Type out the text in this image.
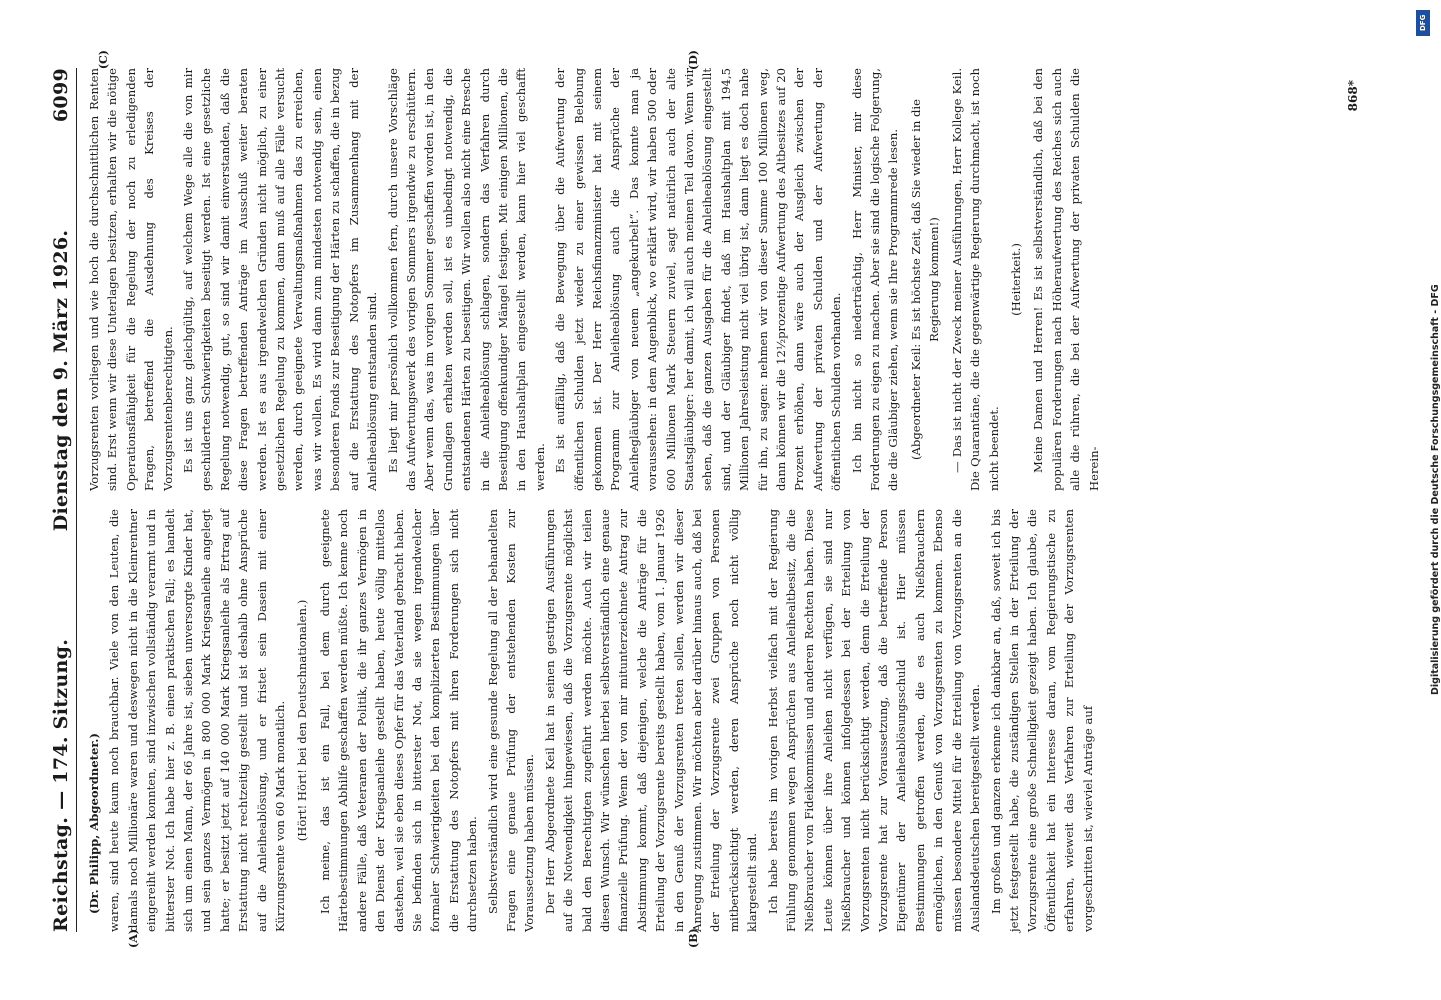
Reichstag. — 174. Sitzung.
Dienstag den 9. März 1926.
6099
(A)	(B)

(Dr. Philipp, Abgeordneter.) waren, sind heute kaum noch brauchbar. Viele von den Leuten, die damals noch Millionäre waren und deswegen nicht in die Kleinrentner eingereiht werden konnten, sind inzwischen vollständig verarmt und in bitterster Not. Ich habe hier z. B. einen praktischen Fall; es handelt sich um einen Mann, der 66 Jahre ist, sieben unversorgte Kinder hat, und sein ganzes Vermögen in 800 000 Mark Kriegsanleihe angelegt hatte; er besitzt jetzt auf 140 000 Mark Kriegsanleihe als Ertrag auf Erstattung nicht rechtzeitig gestellt und ist deshalb ohne Ansprüche auf die Anleiheablösung, und er fristet sein Dasein mit einer Kürzungsrente von 60 Mark monatlich. (Hört! Hört! bei den Deutschnationalen.) Ich meine, das ist ein Fall, bei dem durch geeignete Härtebestimmungen Abhilfe geschaffen werden müßte. Ich kenne noch andere Fälle, daß Veteranen der Politik, die ihr ganzes Vermögen in den Dienst der Kriegsanleihe gestellt haben, heute völlig mittellos dastehen, weil sie eben dieses Opfer für das Vaterland gebracht haben. Sie befinden sich in bitterster Not, da sie wegen irgendwelcher formaler Schwierigkeiten bei den komplizierten Bestimmungen über die Erstattung des Notopfers mit ihren Forderungen sich nicht durchsetzen haben. Selbstverständlich wird eine gesunde Regelung all der behandelten Fragen eine genaue Prüfung der entstehenden Kosten zur Voraussetzung haben müssen. Der Herr Abgeordnete Keil hat in seinen gestrigen Ausführungen auf die Notwendigkeit hingewiesen, daß die Vorzugsrente möglichst bald den Berechtigten zugeführt werden möchte. Auch wir teilen diesen Wunsch. Wir wünschen hierbei selbstverständlich eine genaue finanzielle Prüfung. Wenn der von mir mitunterzeichnete Antrag zur Abstimmung kommt, daß diejenigen, welche die Anträge für die Erteilung der Vorzugsrente bereits gestellt haben, vom 1. Januar 1926 in den Genuß der Vorzugsrenten treten sollen, werden wir dieser Anregung zustimmen. Wir möchten aber darüber hinaus auch, daß bei der Erteilung der Vorzugsrente zwei Gruppen von Personen mitberücksichtigt werden, deren Ansprüche noch nicht völlig klargestellt sind. Ich habe bereits im vorigen Herbst vielfach mit der Regierung Fühlung genommen wegen Ansprüchen aus Anleihealtbesitz, die die Nießbraucher von Fideikommissen und anderen Rechten haben. Diese Leute können über ihre Anleihen nicht verfügen, sie sind nur Nießbraucher und können infolgedessen bei der Erteilung von Vorzugsrenten nicht berücksichtigt werden, denn die Erteilung der Vorzugsrente hat zur Voraussetzung, daß die betreffende Person Eigentümer der Anleiheablösungsschuld ist. Hier müssen Bestimmungen getroffen werden, die es auch Nießbrauchern ermöglichen, in den Genuß von Vorzugsrenten zu kommen. Ebenso müssen besondere Mittel für die Erteilung von Vorzugsrenten an die Auslandsdeutschen bereitgestellt werden. Im großen und ganzen erkenne ich dankbar an, daß, soweit ich bis jetzt festgestellt habe, die zuständigen Stellen in der Erteilung der Vorzugsrente eine große Schnelligkeit gezeigt haben. Ich glaube, die Öffentlichkeit hat ein Interesse daran, vom Regierungstische zu erfahren, wieweit das Verfahren zur Erteilung der Vorzugsrenten vorgeschritten ist, wieviel Anträge auf

(C)	(D)

Vorzugsrenten vorliegen und wie hoch die durchschnittlichen Renten sind. Erst wenn wir diese Unterlagen besitzen, erhalten wir die nötige Operationsfähigkeit für die Regelung der noch zu erledigenden Fragen, betreffend die Ausdehnung des Kreises der Vorzugsrentenberechtigten. Es ist uns ganz gleichgültig, auf welchem Wege alle die von mir geschilderten Schwierigkeiten beseitigt werden. Ist eine gesetzliche Regelung notwendig, gut, so sind wir damit einverstanden, daß die diese Fragen betreffenden Anträge im Ausschuß weiter beraten werden. Ist es aus irgendwelchen Gründen nicht möglich, zu einer gesetzlichen Regelung zu kommen, dann muß auf alle Fälle versucht werden, durch geeignete Verwaltungsmaßnahmen das zu erreichen, was wir wollen. Es wird dann zum mindesten notwendig sein, einen besonderen Fonds zur Beseitigung der Härten zu schaffen, die in bezug auf die Erstattung des Notopfers im Zusammenhang mit der Anleiheablösung entstanden sind. Es liegt mir persönlich vollkommen fern, durch unsere Vorschläge das Aufwertungswerk des vorigen Sommers irgendwie zu erschüttern. Aber wenn das, was im vorigen Sommer geschaffen worden ist, in den Grundlagen erhalten werden soll, ist es unbedingt notwendig, die entstandenen Härten zu beseitigen. Wir wollen also nicht eine Bresche in die Anleiheablösung schlagen, sondern das Verfahren durch Beseitigung offenkundiger Mängel festigen. Mit einigen Millionen, die in den Haushaltplan eingestellt werden, kann hier viel geschafft werden. Es ist auffällig, daß die Bewegung über die Aufwertung der öffentlichen Schulden jetzt wieder zu einer gewissen Belebung gekommen ist. Der Herr Reichsfinanzminister hat mit seinem Programm zur Anleiheablösung auch die Ansprüche der Anleihegläubiger von neuem „angekurbelt“. Das konnte man ja voraussehen: in dem Augenblick, wo erklärt wird, wir haben 500 oder 600 Millionen Mark Steuern zuviel, sagt natürlich auch der alte Staatsgläubiger: her damit, ich will auch meinen Teil davon. Wenn wir sehen, daß die ganzen Ausgaben für die Anleiheablösung eingestellt sind, und der Gläubiger findet, daß im Haushaltplan mit 194,5 Millionen Jahresleistung nicht viel übrig ist, dann liegt es doch nahe für ihn, zu sagen: nehmen wir von dieser Summe 100 Millionen weg, dann können wir die 12½prozentige Aufwertung des Altbesitzes auf 20 Prozent erhöhen, dann wäre auch der Ausgleich zwischen der Aufwertung der privaten Schulden und der Aufwertung der öffentlichen Schulden vorhanden. Ich bin nicht so niederträchtig, Herr Minister, mir diese Forderungen zu eigen zu machen. Aber sie sind die logische Folgerung, die die Gläubiger ziehen, wenn sie Ihre Programmrede lesen. (Abgeordneter Keil: Es ist höchste Zeit, daß Sie wieder in die Regierung kommen!) — Das ist nicht der Zweck meiner Ausführungen, Herr Kollege Keil. Die Quarantäne, die die gegenwärtige Regierung durchmacht, ist noch nicht beendet.

(Heiterkeit.) Meine Damen und Herren! Es ist selbstverständlich, daß bei den populären Forderungen nach Höheraufwertung des Reiches sich auch alle die rühren, die bei der Aufwertung der privaten Schulden die Herein-

868*
DFG
Digitalisierung gefördert durch die Deutsche Forschungsgemeinschaft - DFG
